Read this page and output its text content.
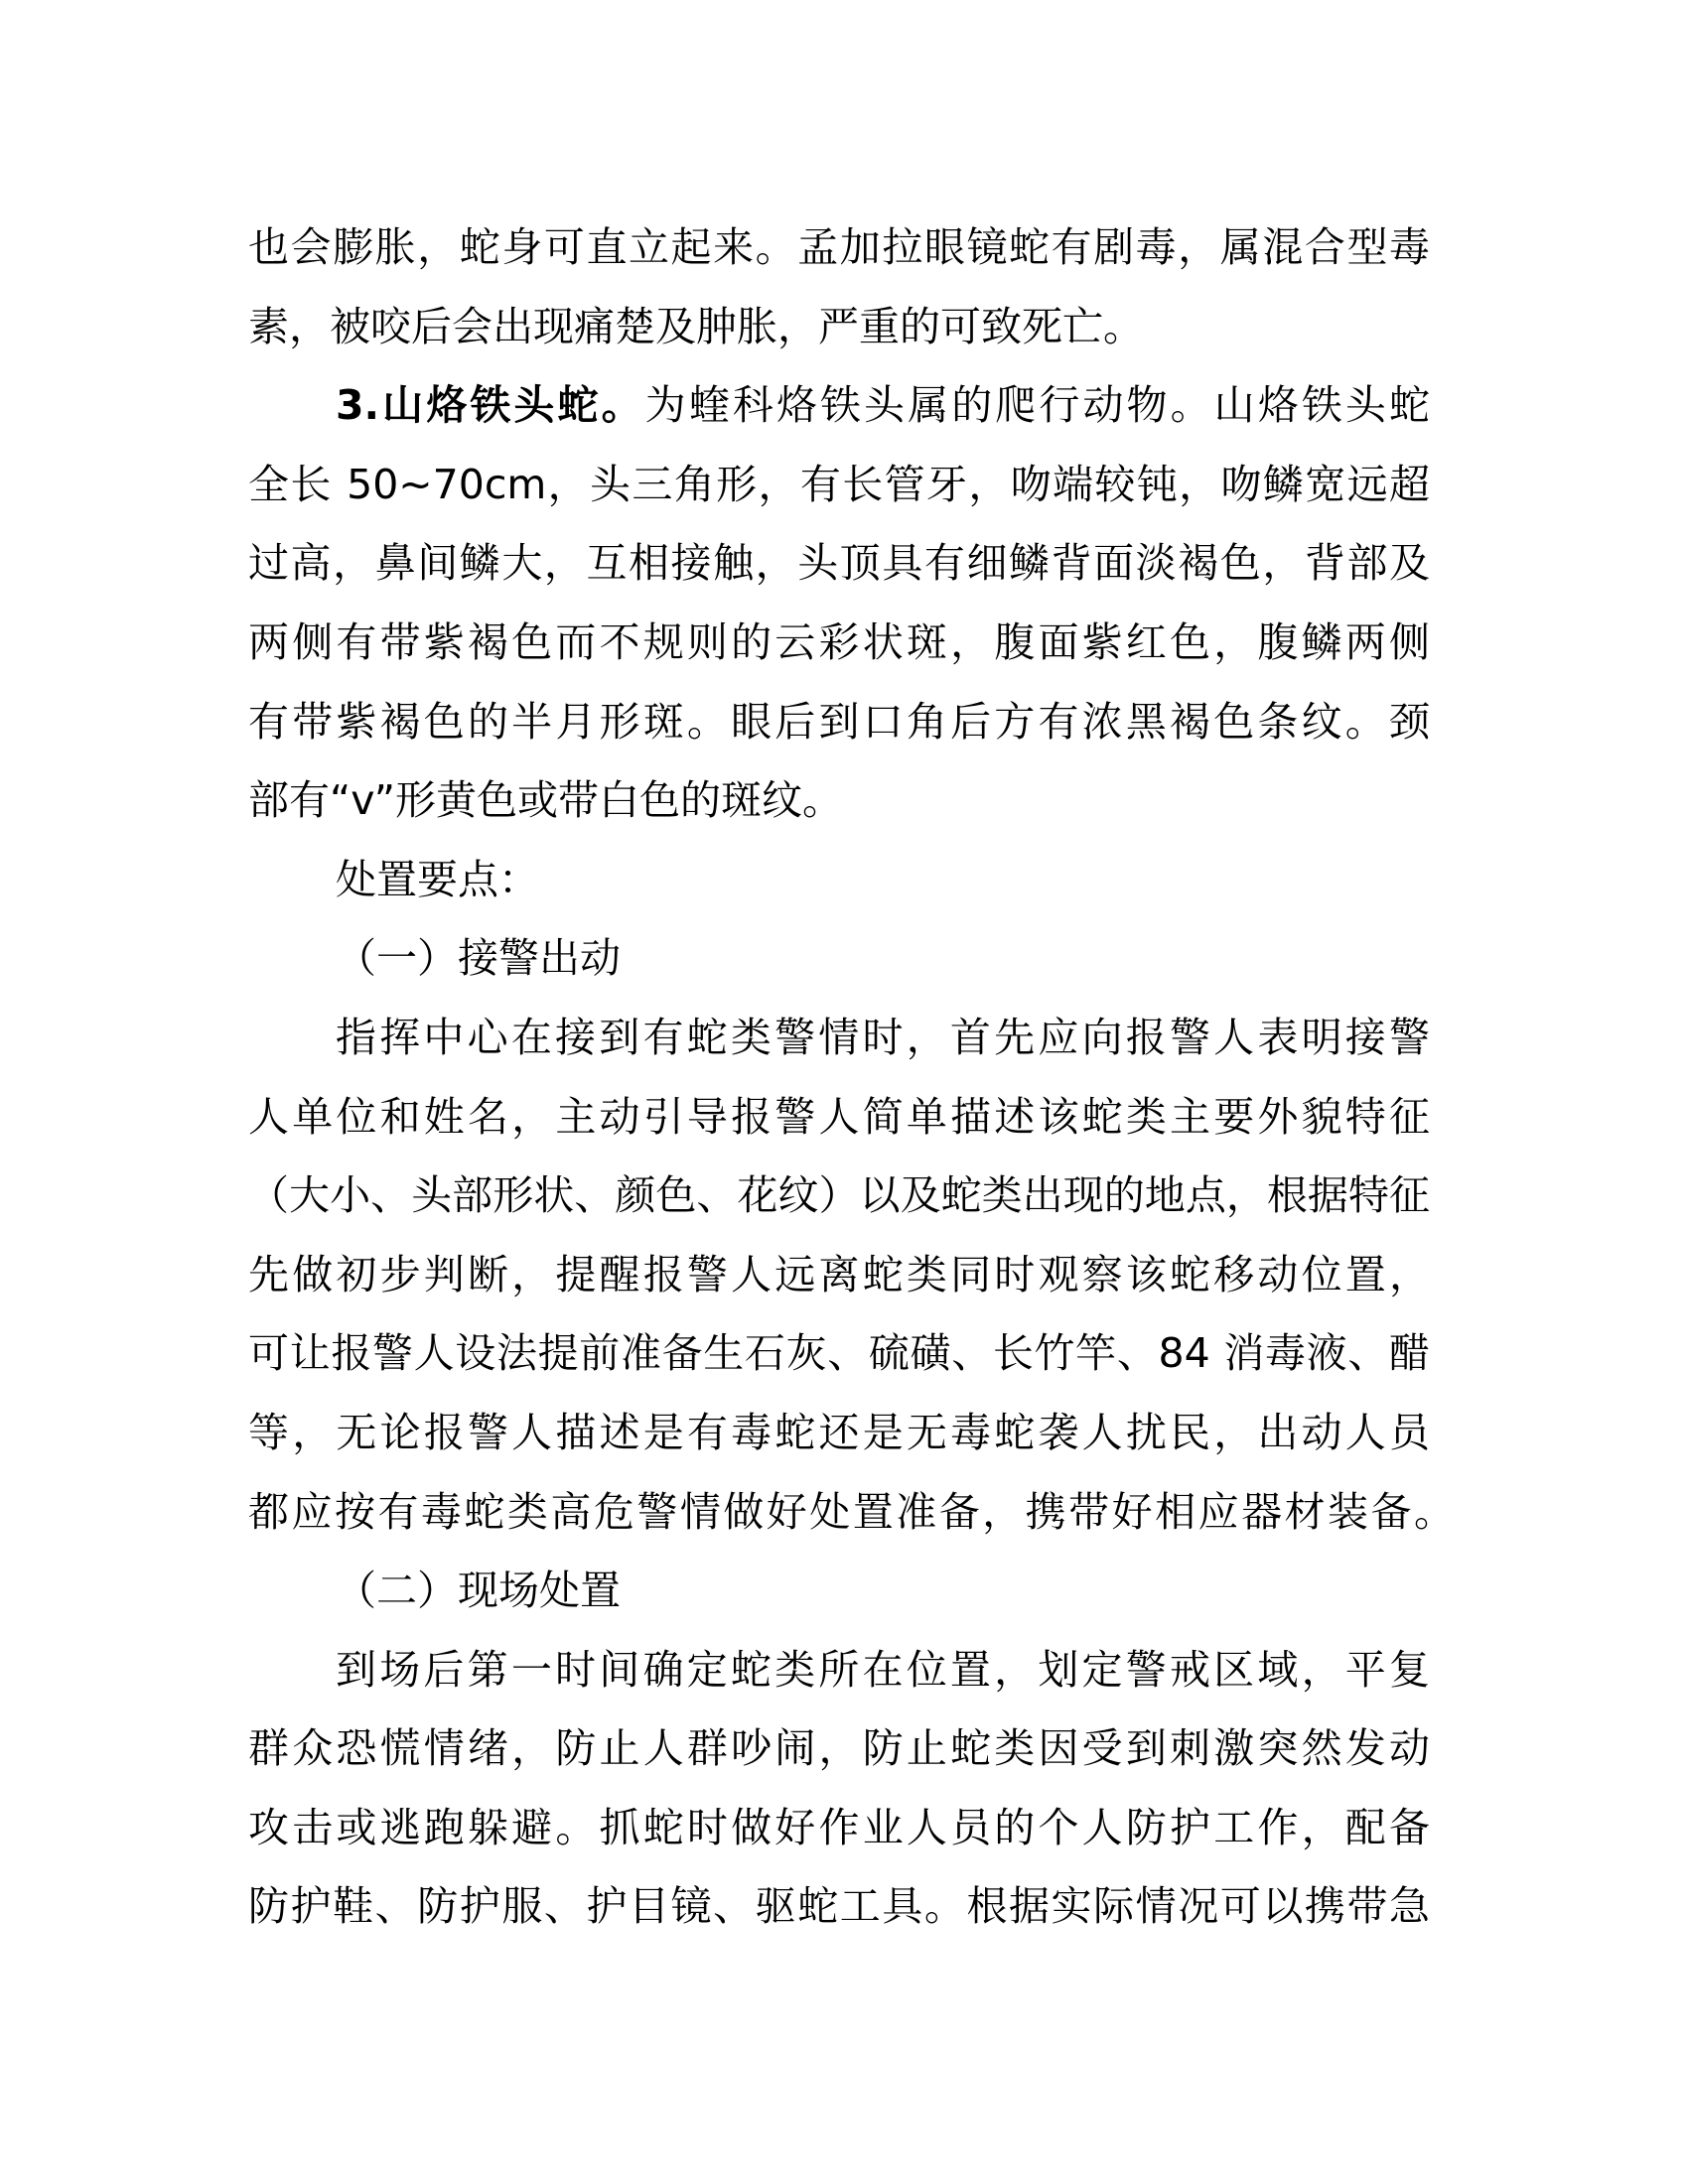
也会膨胀，蛇身可直立起来。孟加拉眼镜蛇有剧毒，属混合型毒
素，被咬后会出现痛楚及肿胀，严重的可致死亡。
3.山烙铁头蛇。为蝰科烙铁头属的爬行动物。山烙铁头蛇
全长 50~70cm，头三角形，有长管牙，吻端较钝，吻鳞宽远超
过高，鼻间鳞大，互相接触，头顶具有细鳞背面淡褐色，背部及
两侧有带紫褐色而不规则的云彩状斑，腹面紫红色，腹鳞两侧
有带紫褐色的半月形斑。眼后到口角后方有浓黑褐色条纹。颈
部有“v”形黄色或带白色的斑纹。
处置要点：
（一）接警出动
指挥中心在接到有蛇类警情时，首先应向报警人表明接警
人单位和姓名，主动引导报警人简单描述该蛇类主要外貌特征
（大小、头部形状、颜色、花纹）以及蛇类出现的地点，根据特征
先做初步判断，提醒报警人远离蛇类同时观察该蛇移动位置，
可让报警人设法提前准备生石灰、硫磺、长竹竿、84 消毒液、醋
等，无论报警人描述是有毒蛇还是无毒蛇袭人扰民，出动人员
都应按有毒蛇类高危警情做好处置准备，携带好相应器材装备。
（二）现场处置
到场后第一时间确定蛇类所在位置，划定警戒区域，平复
群众恐慌情绪，防止人群吵闹，防止蛇类因受到刺激突然发动
攻击或逃跑躲避。抓蛇时做好作业人员的个人防护工作，配备
防护鞋、防护服、护目镜、驱蛇工具。根据实际情况可以携带急
